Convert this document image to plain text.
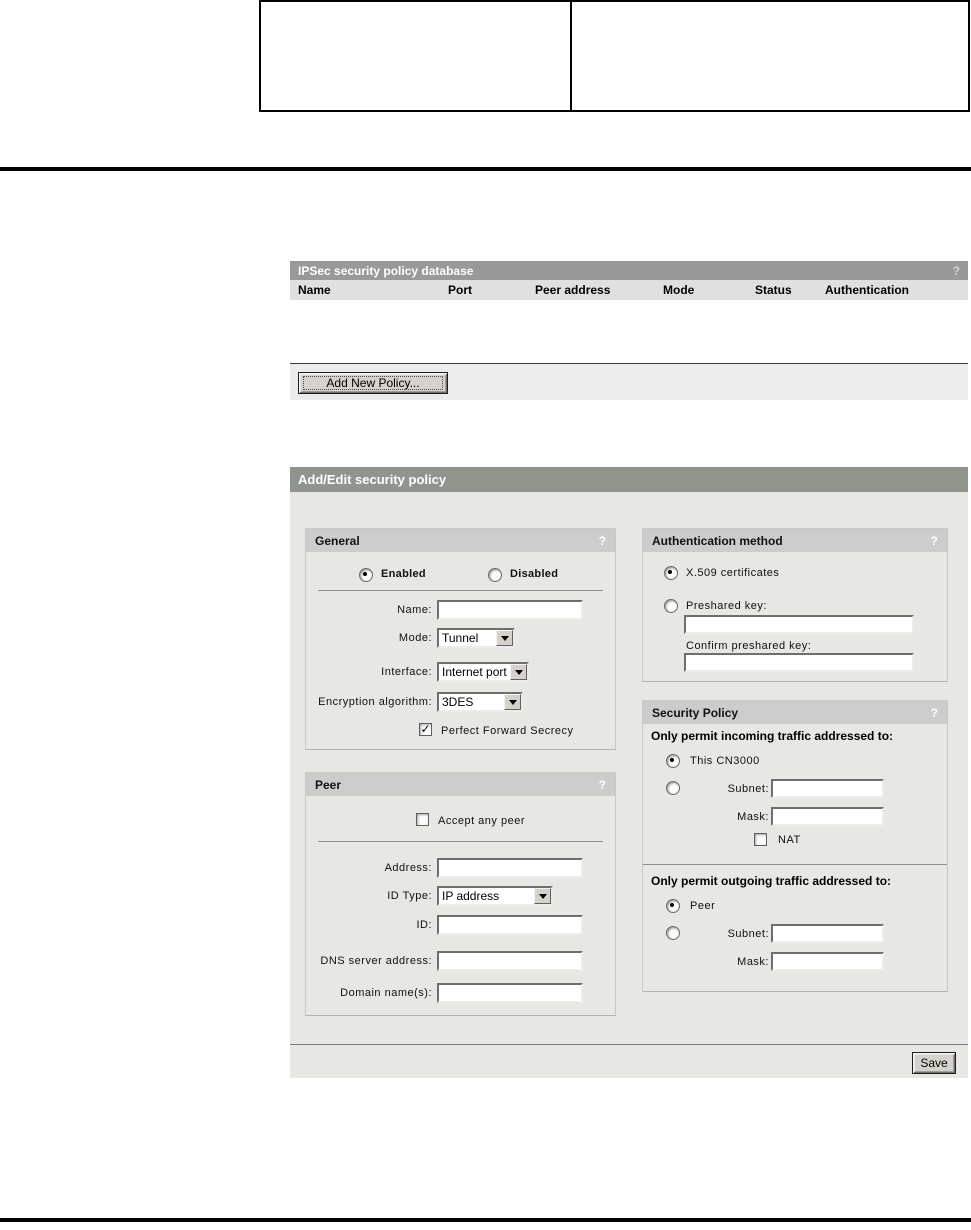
IPSec security policy database	?
Name	Port	Peer address	Mode	Status	Authentication
Add New Policy...
Add/Edit security policy
General	?
Enabled	Disabled
Name:
Mode: Tunnel
Interface: Internet port
Encryption algorithm: 3DES
✓ Perfect Forward Secrecy
Peer	?
Accept any peer
Address:
ID Type: IP address
ID:
DNS server address:
Domain name(s):
Authentication method	?
X.509 certificates
Preshared key:
Confirm preshared key:
Security Policy	?
Only permit incoming traffic addressed to:
This CN3000
Subnet:
Mask:
NAT
Only permit outgoing traffic addressed to:
Peer
Subnet:
Mask:
Save
